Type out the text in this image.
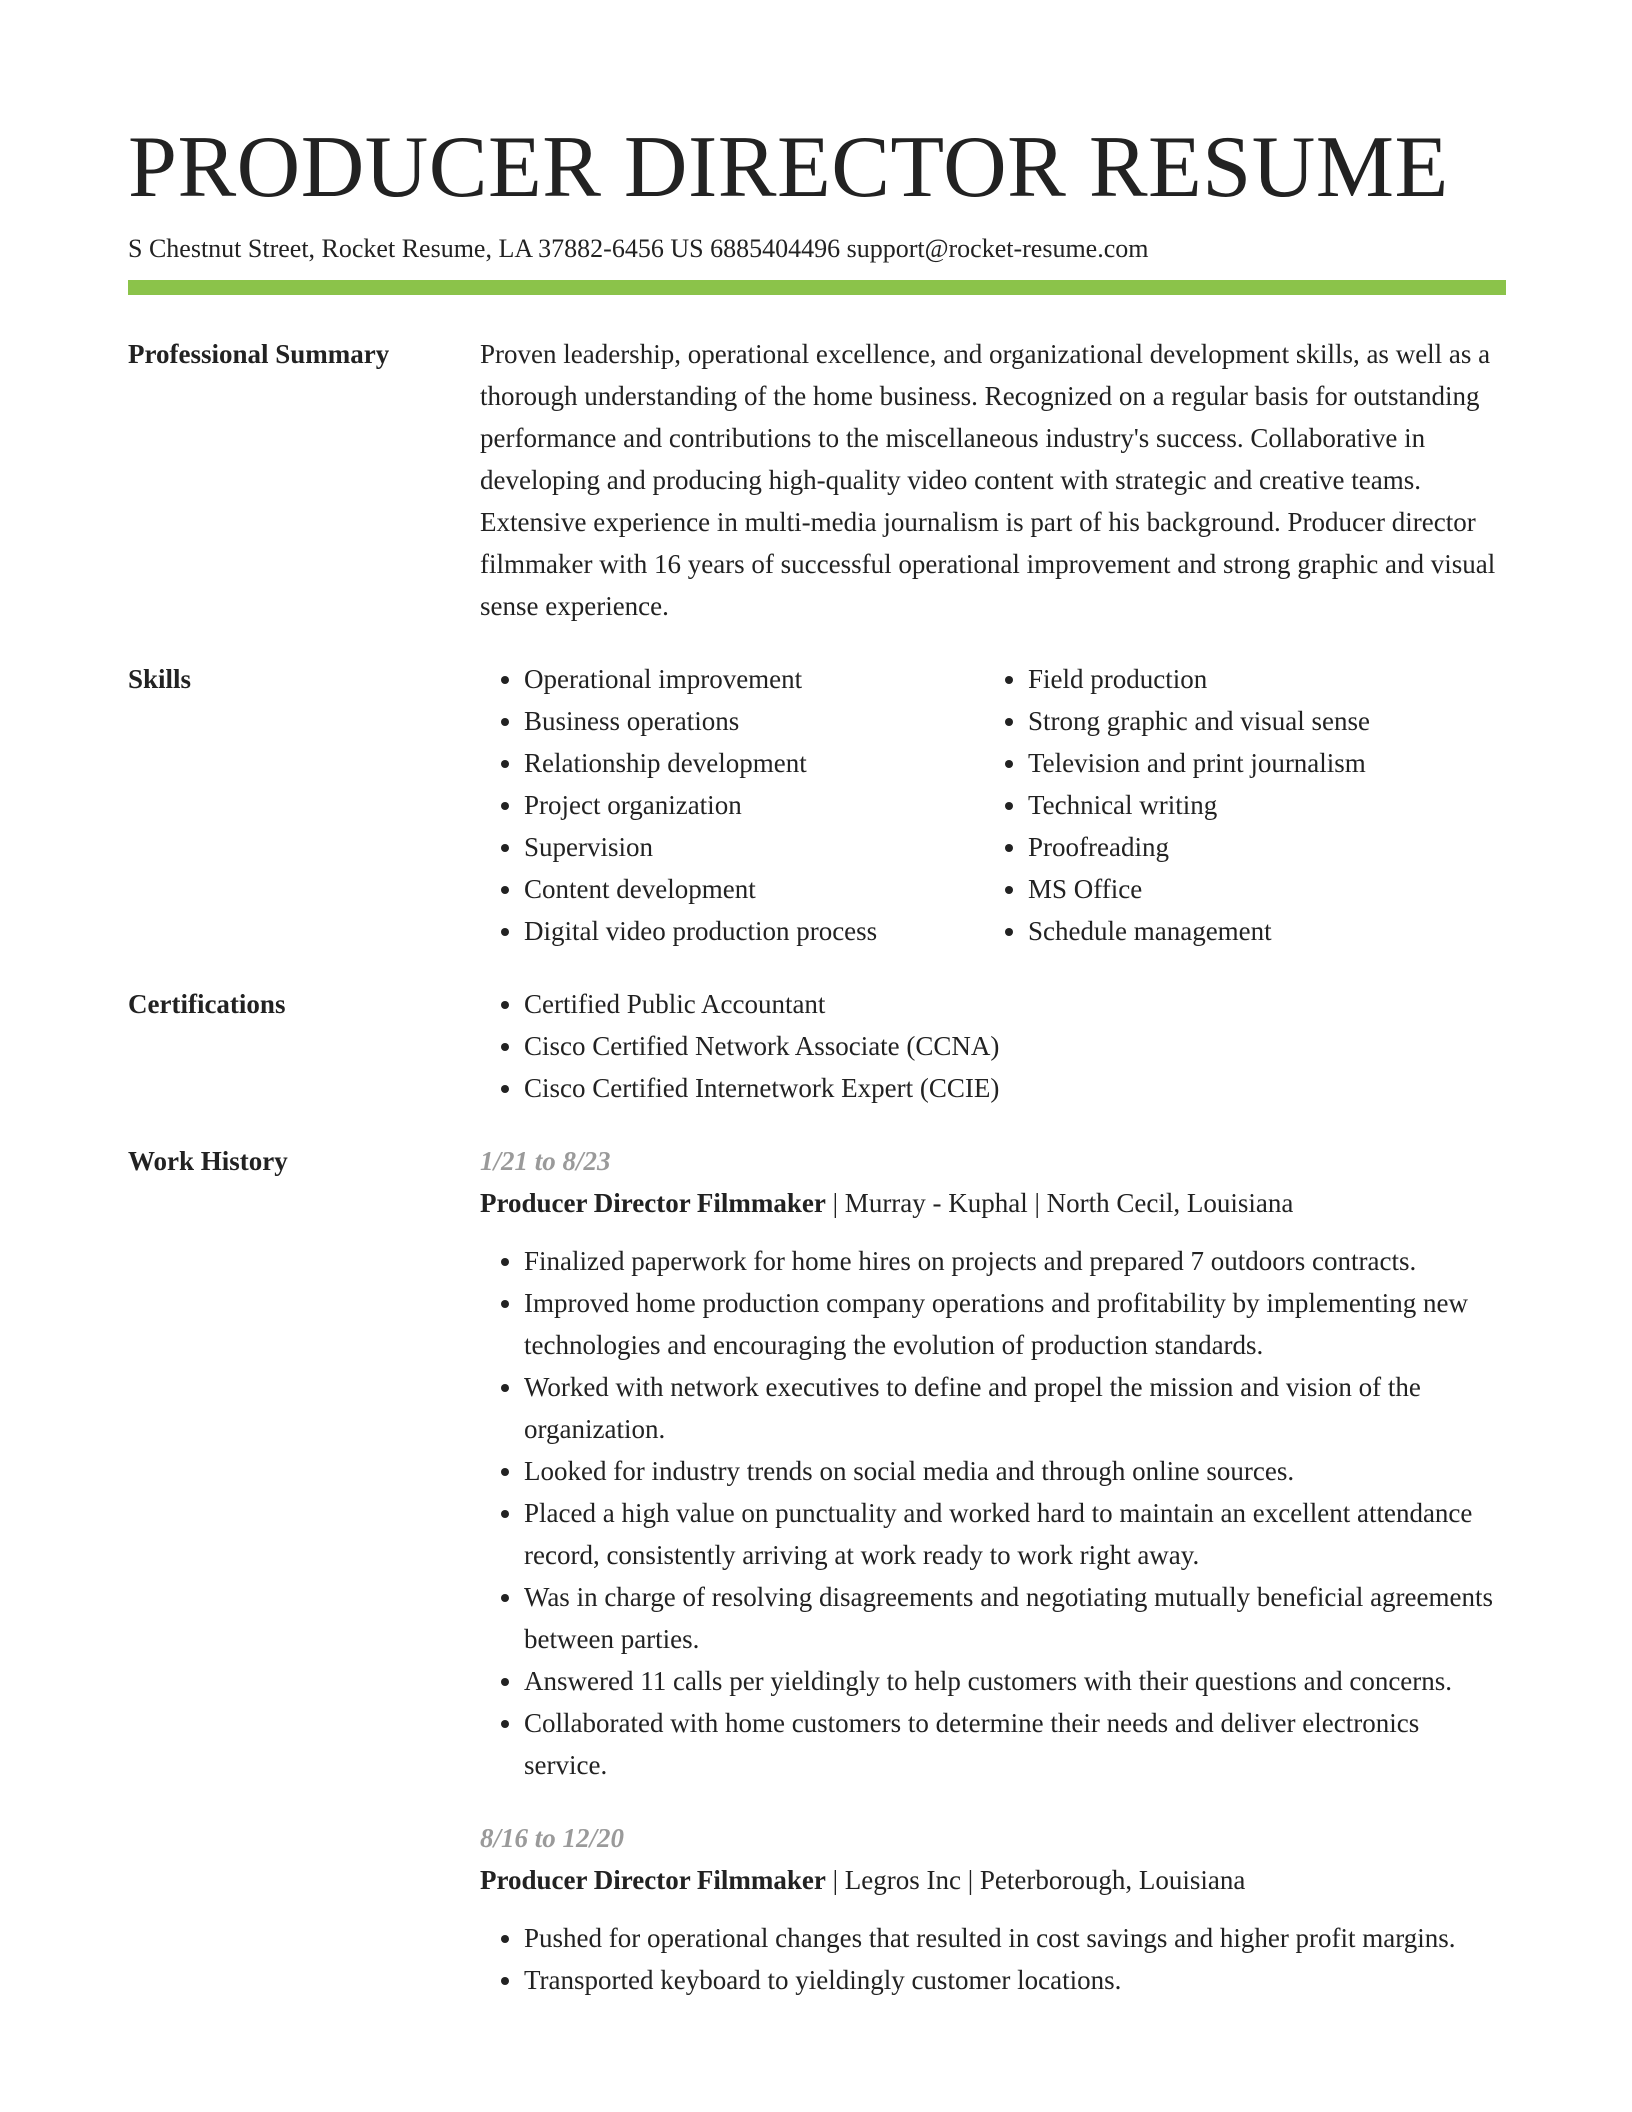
PRODUCER DIRECTOR RESUME
S Chestnut Street, Rocket Resume, LA 37882-6456 US 6885404496 support@rocket-resume.com
Professional Summary	Proven leadership, operational excellence, and organizational development skills, as well as a thorough understanding of the home business. Recognized on a regular basis for outstanding performance and contributions to the miscellaneous industry's success. Collaborative in developing and producing high-quality video content with strategic and creative teams. Extensive experience in multi-media journalism is part of his background. Producer director filmmaker with 16 years of successful operational improvement and strong graphic and visual sense experience.

Skills	• Operational improvement
• Business operations
• Relationship development
• Project organization
• Supervision
• Content development
• Digital video production process
• Field production
• Strong graphic and visual sense
• Television and print journalism
• Technical writing
• Proofreading
• MS Office
• Schedule management
Certifications	• Certified Public Accountant
• Cisco Certified Network Associate (CCNA)
• Cisco Certified Internetwork Expert (CCIE)
Work History	1/21 to 8/23
Producer Director Filmmaker | Murray - Kuphal | North Cecil, Louisiana
• Finalized paperwork for home hires on projects and prepared 7 outdoors contracts.
• Improved home production company operations and profitability by implementing new technologies and encouraging the evolution of production standards.
• Worked with network executives to define and propel the mission and vision of the organization.
• Looked for industry trends on social media and through online sources.
• Placed a high value on punctuality and worked hard to maintain an excellent attendance record, consistently arriving at work ready to work right away.
• Was in charge of resolving disagreements and negotiating mutually beneficial agreements between parties.
• Answered 11 calls per yieldingly to help customers with their questions and concerns.
• Collaborated with home customers to determine their needs and deliver electronics service.
8/16 to 12/20
Producer Director Filmmaker | Legros Inc | Peterborough, Louisiana
• Pushed for operational changes that resulted in cost savings and higher profit margins.
• Transported keyboard to yieldingly customer locations.
